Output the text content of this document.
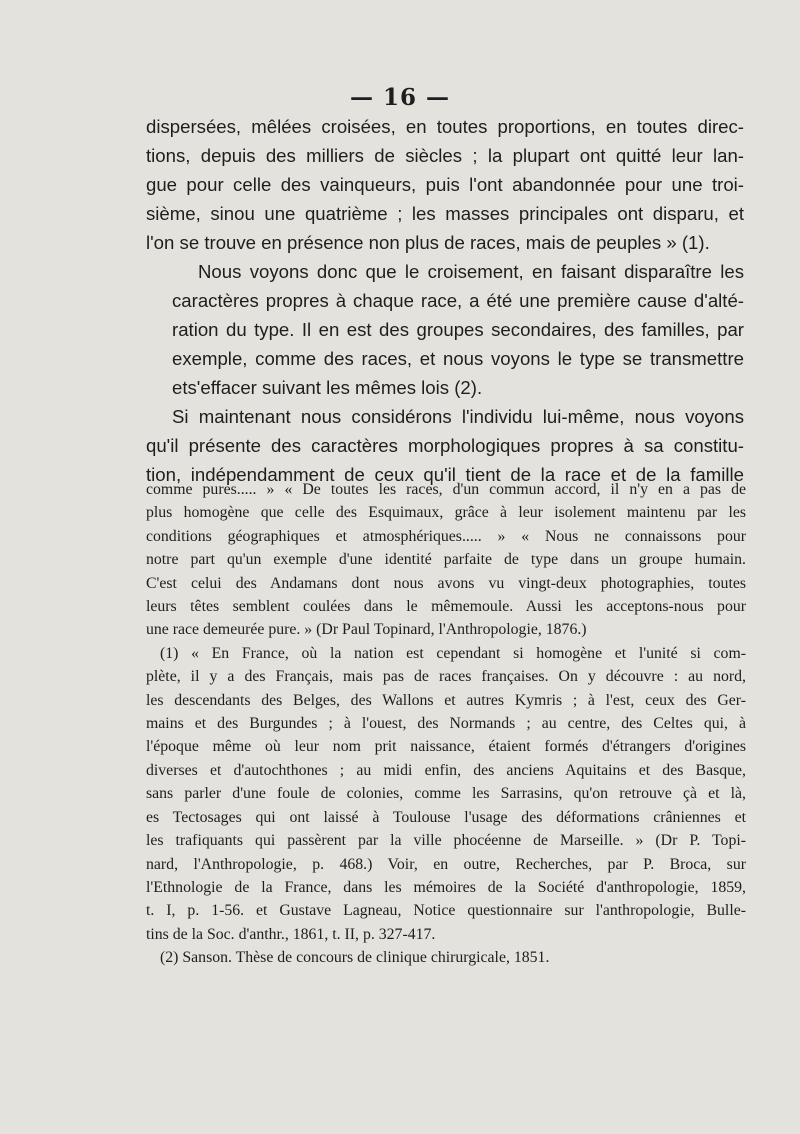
— 16 —

dispersées, mêlées croisées, en toutes proportions, en toutes direc-
tions, depuis des milliers de siècles ; la plupart ont quitté leur lan-
gue pour celle des vainqueurs, puis l'ont abandonnée pour une troi-
sième, sinou une quatrième ; les masses principales ont disparu, et
l'on se trouve en présence non plus de races, mais de peuples » (1).

Nous voyons donc que le croisement, en faisant disparaître les
caractères propres à chaque race, a été une première cause d'alté-
ration du type. Il en est des groupes secondaires, des familles, par
exemple, comme des races, et nous voyons le type se transmettre
ets'effacer suivant les mêmes lois (2).

Si maintenant nous considérons l'individu lui-même, nous voyons
qu'il présente des caractères morphologiques propres à sa constitu-
tion, indépendamment de ceux qu'il tient de la race et de la famille

comme pures..... » « De toutes les races, d'un commun accord, il n'y en a pas de
plus homogène que celle des Esquimaux, grâce à leur isolement maintenu par les
conditions géographiques et atmosphériques..... » « Nous ne connaissons pour
notre part qu'un exemple d'une identité parfaite de type dans un groupe humain.
C'est celui des Andamans dont nous avons vu vingt-deux photographies, toutes
leurs têtes semblent coulées dans le mêmemoule. Aussi les acceptons-nous pour
une race demeurée pure. » (Dr Paul Topinard, l'Anthropologie, 1876.)
(1) « En France, où la nation est cependant si homogène et l'unité si com-
plète, il y a des Français, mais pas de races françaises. On y découvre : au nord,
les descendants des Belges, des Wallons et autres Kymris ; à l'est, ceux des Ger-
mains et des Burgundes ; à l'ouest, des Normands ; au centre, des Celtes qui, à
l'époque même où leur nom prit naissance, étaient formés d'étrangers d'origines
diverses et d'autochthones ; au midi enfin, des anciens Aquitains et des Basque,
sans parler d'une foule de colonies, comme les Sarrasins, qu'on retrouve çà et là,
es Tectosages qui ont laissé à Toulouse l'usage des déformations crâniennes et
les trafiquants qui passèrent par la ville phocéenne de Marseille. » (Dr P. Topi-
nard, l'Anthropologie, p. 468.) Voir, en outre, Recherches, par P. Broca, sur
l'Ethnologie de la France, dans les mémoires de la Société d'anthropologie, 1859,
t. I, p. 1-56. et Gustave Lagneau, Notice questionnaire sur l'anthropologie, Bulle-
tins de la Soc. d'anthr., 1861, t. II, p. 327-417.
(2) Sanson. Thèse de concours de clinique chirurgicale, 1851.
